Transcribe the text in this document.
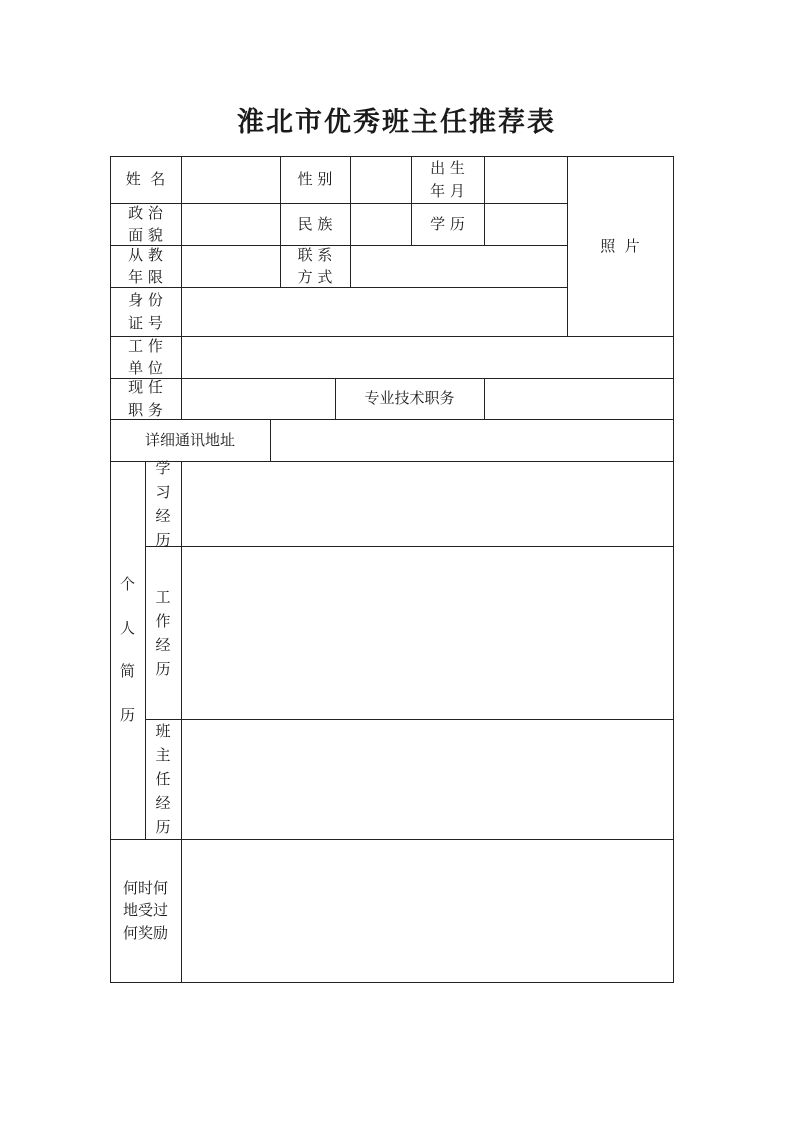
淮北市优秀班主任推荐表
姓  名	性 别
出 生
年 月
照  片
政 治
面 貌
民 族	学 历
从 教
年 限
联 系
方 式
身 份
证 号
工 作
单 位
现 任
职 务
专业技术职务
详细通讯地址
个人简历
学习经历
工作经历
班主任经历
何时何
地受过
何奖励
